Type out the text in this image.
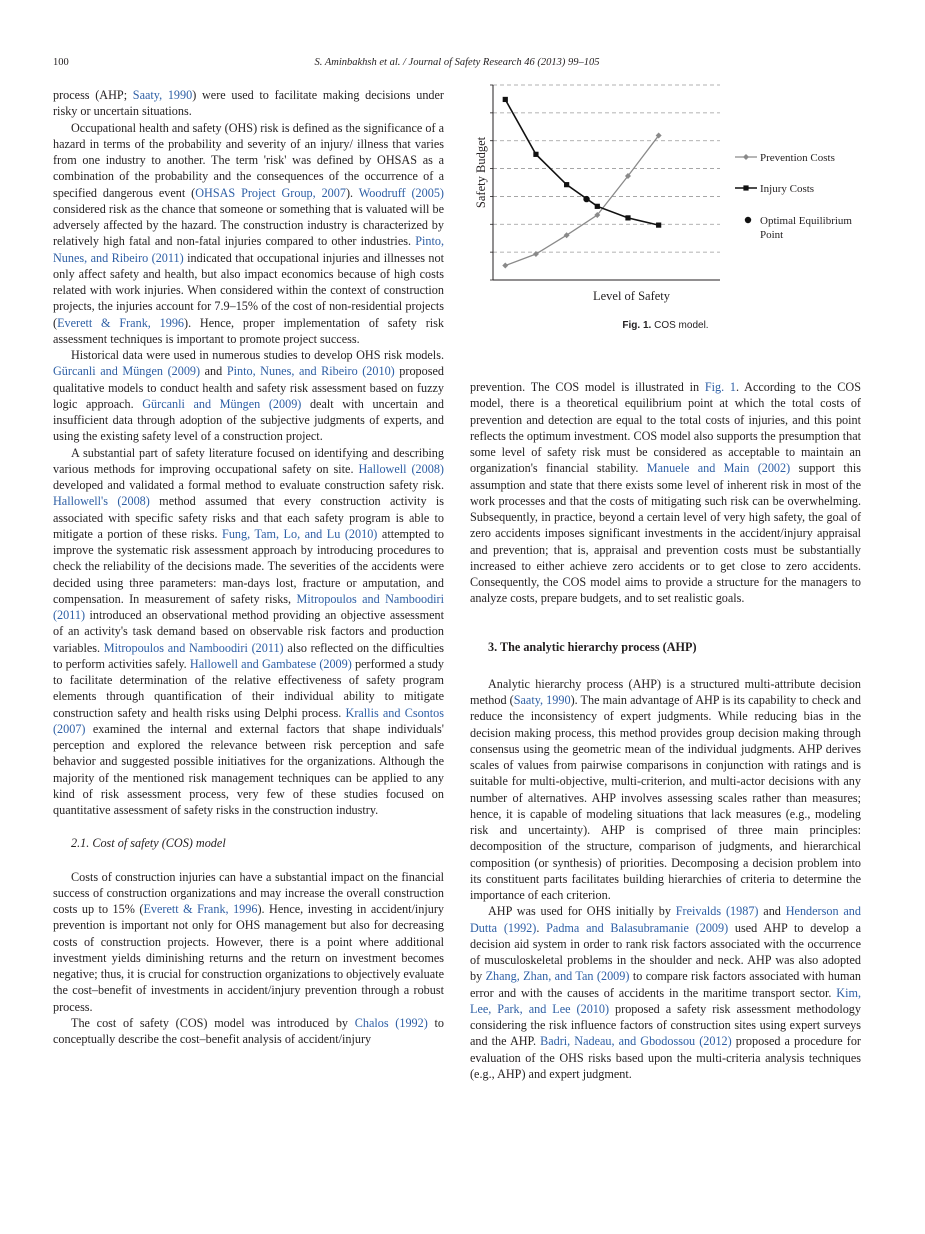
100	S. Aminbakhsh et al. / Journal of Safety Research 46 (2013) 99–105

process (AHP; Saaty, 1990) were used to facilitate making decisions under risky or uncertain situations.

Occupational health and safety (OHS) risk is defined as the significance of a hazard in terms of the probability and severity of an injury/ illness that varies from one industry to another. The term 'risk' was defined by OHSAS as a combination of the probability and the consequences of the occurrence of a specified dangerous event (OHSAS Project Group, 2007). Woodruff (2005) considered risk as the chance that someone or something that is valuated will be adversely affected by the hazard. The construction industry is characterized by relatively high fatal and non-fatal injuries compared to other industries. Pinto, Nunes, and Ribeiro (2011) indicated that occupational injuries and illnesses not only affect safety and health, but also impact economics because of high costs related with work injuries. When considered within the context of construction projects, the injuries account for 7.9–15% of the cost of non-residential projects (Everett & Frank, 1996). Hence, proper implementation of safety risk assessment techniques is important to promote project success.

Historical data were used in numerous studies to develop OHS risk models. Gürcanli and Müngen (2009) and Pinto, Nunes, and Ribeiro (2010) proposed qualitative models to conduct health and safety risk assessment based on fuzzy logic approach. Gürcanli and Müngen (2009) dealt with uncertain and insufficient data through adoption of the subjective judgments of experts, and using the existing safety level of a construction project.

A substantial part of safety literature focused on identifying and describing various methods for improving occupational safety on site. Hallowell (2008) developed and validated a formal method to evaluate construction safety risk. Hallowell's (2008) method assumed that every construction activity is associated with specific safety risks and that each safety program is able to mitigate a portion of these risks. Fung, Tam, Lo, and Lu (2010) attempted to improve the systematic risk assessment approach by introducing procedures to check the reliability of the decisions made. The severities of the accidents were decided using three parameters: man-days lost, fracture or amputation, and compensation. In measurement of safety risks, Mitropoulos and Namboodiri (2011) introduced an observational method providing an objective assessment of an activity's task demand based on observable risk factors and production variables. Mitropoulos and Namboodiri (2011) also reflected on the difficulties to perform activities safely. Hallowell and Gambatese (2009) performed a study to facilitate determination of the relative effectiveness of safety program elements through quantification of their individual ability to mitigate construction safety and health risks using Delphi process. Krallis and Csontos (2007) examined the internal and external factors that shape individuals' perception and explored the relevance between risk perception and safe behavior and suggested possible initiatives for the organizations. Although the majority of the mentioned risk management techniques can be applied to any kind of risk assessment process, very few of these studies focused on quantitative assessment of safety risks in the construction industry.

2.1. Cost of safety (COS) model

Costs of construction injuries can have a substantial impact on the financial success of construction organizations and may increase the overall construction costs up to 15% (Everett & Frank, 1996). Hence, investing in accident/injury prevention is important not only for OHS management but also for decreasing costs of construction projects. However, there is a point where additional investment yields diminishing returns and the return on investment becomes negative; thus, it is crucial for construction organizations to objectively evaluate the cost–benefit of investments in accident/injury prevention through a robust process.

The cost of safety (COS) model was introduced by Chalos (1992) to conceptually describe the cost–benefit analysis of accident/injury

Level of Safety
Safety Budget	Prevention Costs
Injury Costs
Optimal Equilibrium Point
Fig. 1. COS model.

prevention. The COS model is illustrated in Fig. 1. According to the COS model, there is a theoretical equilibrium point at which the total costs of prevention and detection are equal to the total costs of injuries, and this point reflects the optimum investment. COS model also supports the presumption that some level of safety risk must be considered as acceptable to maintain an organization's financial stability. Manuele and Main (2002) support this assumption and state that there exists some level of inherent risk in most of the work processes and that the costs of mitigating such risk can be overwhelming. Subsequently, in practice, beyond a certain level of very high safety, the goal of zero accidents imposes significant investments in the accident/injury appraisal and prevention; that is, appraisal and prevention costs must be substantially increased to either achieve zero accidents or to get close to zero accidents. Consequently, the COS model aims to provide a structure for the managers to analyze costs, prepare budgets, and to set realistic goals.

3. The analytic hierarchy process (AHP)

Analytic hierarchy process (AHP) is a structured multi-attribute decision method (Saaty, 1990). The main advantage of AHP is its capability to check and reduce the inconsistency of expert judgments. While reducing bias in the decision making process, this method provides group decision making through consensus using the geometric mean of the individual judgments. AHP derives scales of values from pairwise comparisons in conjunction with ratings and is suitable for multi-objective, multi-criterion, and multi-actor decisions with any number of alternatives. AHP involves assessing scales rather than measures; hence, it is capable of modeling situations that lack measures (e.g., modeling risk and uncertainty). AHP is comprised of three main principles: decomposition of the structure, comparison of judgments, and hierarchical composition (or synthesis) of priorities. Decomposing a decision problem into its constituent parts facilitates building hierarchies of criteria to determine the importance of each criterion.

AHP was used for OHS initially by Freivalds (1987) and Henderson and Dutta (1992). Padma and Balasubramanie (2009) used AHP to develop a decision aid system in order to rank risk factors associated with the occurrence of musculoskeletal problems in the shoulder and neck. AHP was also adopted by Zhang, Zhan, and Tan (2009) to compare risk factors associated with human error and with the causes of accidents in the maritime transport sector. Kim, Lee, Park, and Lee (2010) proposed a safety risk assessment methodology considering the risk influence factors of construction sites using expert surveys and the AHP. Badri, Nadeau, and Gbodossou (2012) proposed a procedure for evaluation of the OHS risks based upon the multi-criteria analysis techniques (e.g., AHP) and expert judgment.
